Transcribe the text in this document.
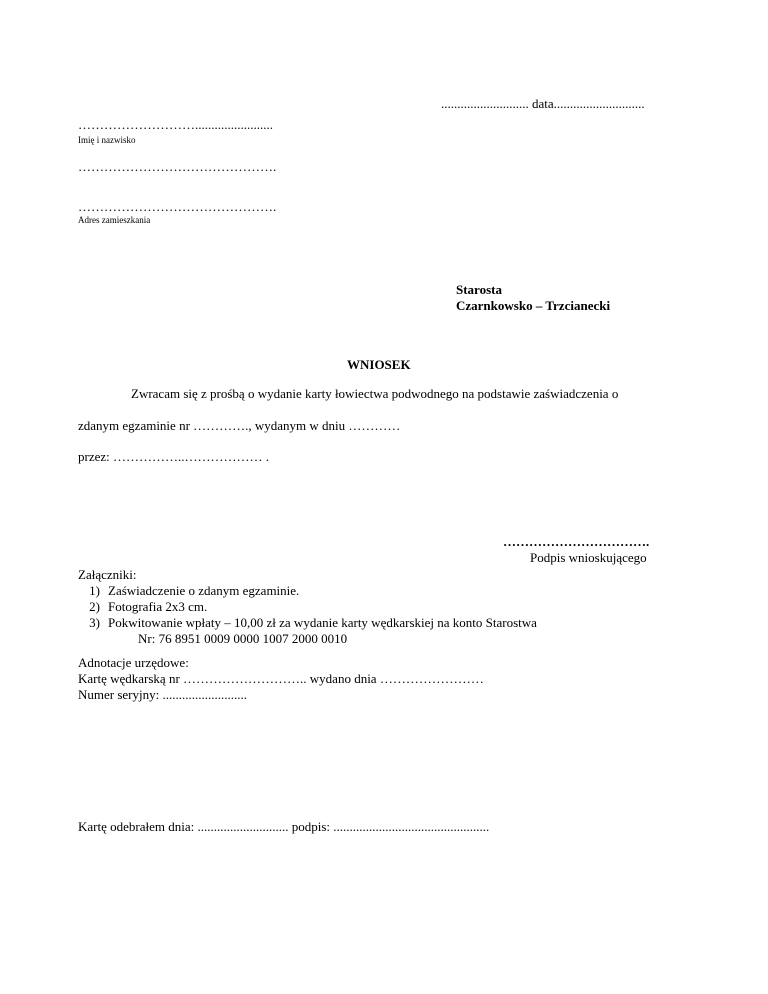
........................... data............................
………………………........................
Imię i nazwisko
……………………………………….
……………………………………….
Adres zamieszkania
Starosta
Czarnkowsko – Trzcianecki
WNIOSEK
Zwracam się z prośbą o wydanie karty łowiectwa podwodnego na podstawie zaświadczenia o
zdanym egzaminie nr …………., wydanym w dniu …………
przez: ……………..……………… .
…………………………….
Podpis wnioskującego
Załączniki:
1) Zaświadczenie o zdanym egzaminie.
2) Fotografia 2x3 cm.
3) Pokwitowanie wpłaty – 10,00 zł za wydanie karty wędkarskiej na konto Starostwa
Nr: 76 8951 0009 0000 1007 2000 0010
Adnotacje urzędowe:
Kartę wędkarską nr ……………………….. wydano dnia ……………………
Numer seryjny: ..........................
Kartę odebrałem dnia: ............................ podpis: ................................................
